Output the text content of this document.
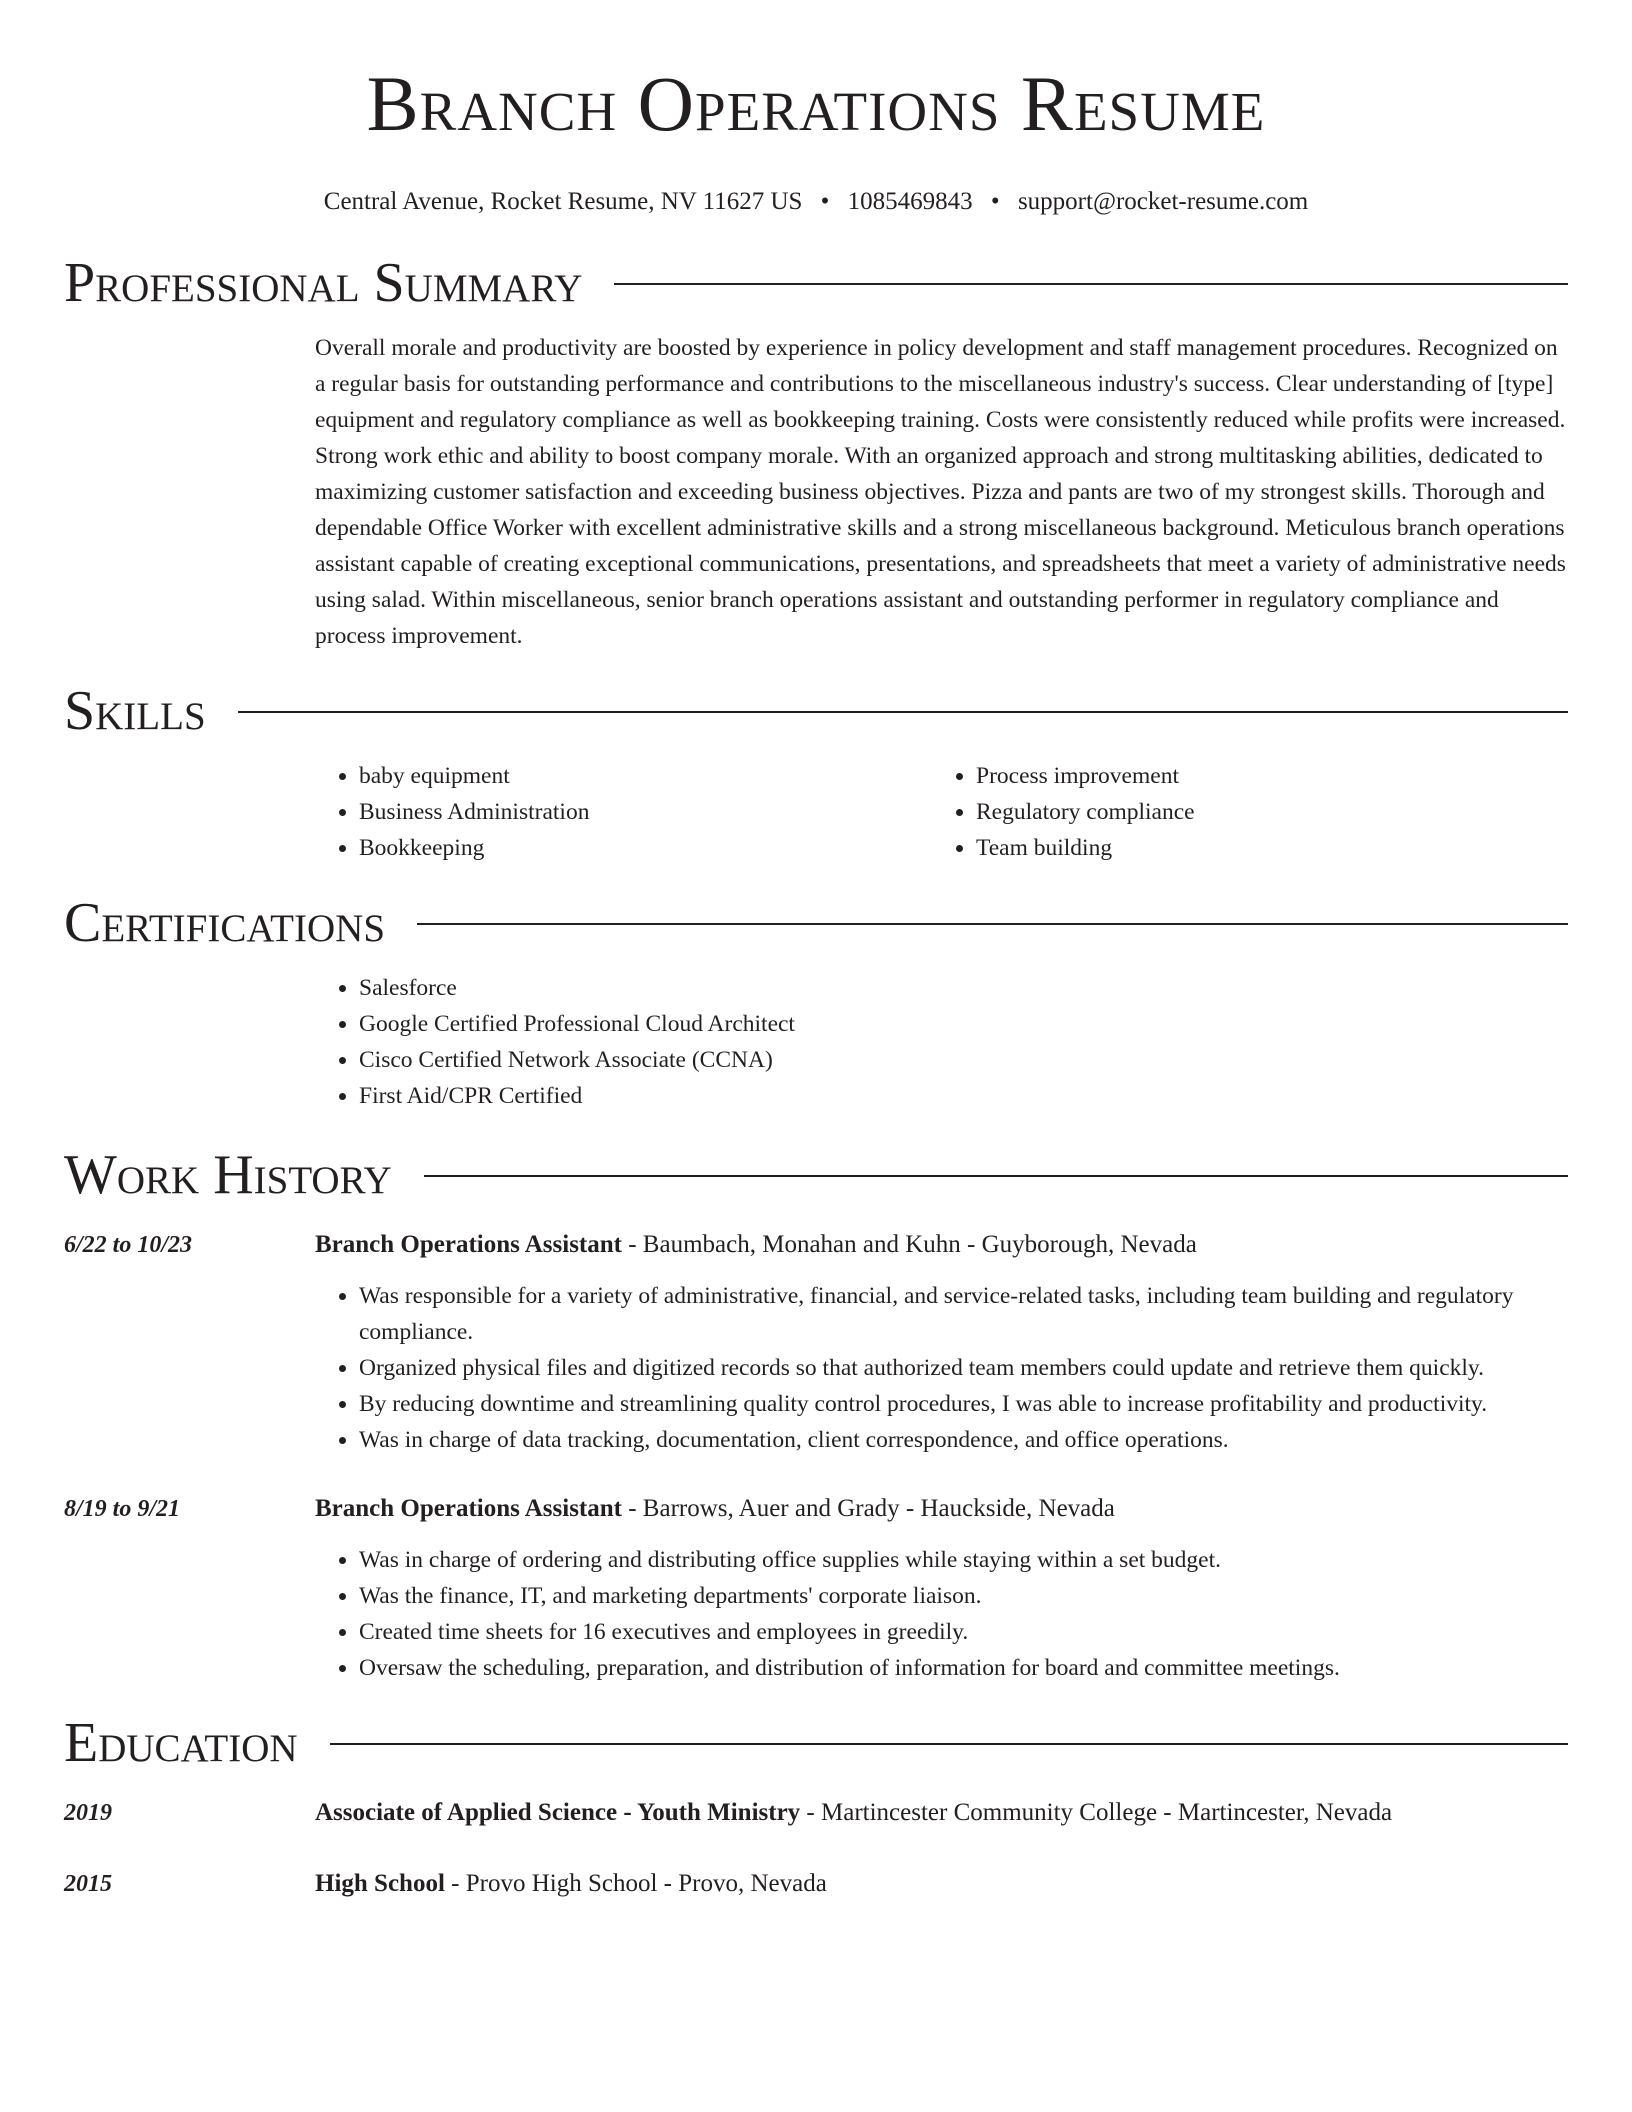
Branch Operations Resume
Central Avenue, Rocket Resume, NV 11627 US • 1085469843 • support@rocket-resume.com
Professional Summary

Overall morale and productivity are boosted by experience in policy development and staff management procedures. Recognized on a regular basis for outstanding performance and contributions to the miscellaneous industry's success. Clear understanding of [type] equipment and regulatory compliance as well as bookkeeping training. Costs were consistently reduced while profits were increased. Strong work ethic and ability to boost company morale. With an organized approach and strong multitasking abilities, dedicated to maximizing customer satisfaction and exceeding business objectives. Pizza and pants are two of my strongest skills. Thorough and dependable Office Worker with excellent administrative skills and a strong miscellaneous background. Meticulous branch operations assistant capable of creating exceptional communications, presentations, and spreadsheets that meet a variety of administrative needs using salad. Within miscellaneous, senior branch operations assistant and outstanding performer in regulatory compliance and process improvement.

Skills
• baby equipment
• Business Administration
• Bookkeeping
• Process improvement
• Regulatory compliance
• Team building
Certifications
• Salesforce
• Google Certified Professional Cloud Architect
• Cisco Certified Network Associate (CCNA)
• First Aid/CPR Certified
Work History
6/22 to 10/23	Branch Operations Assistant - Baumbach, Monahan and Kuhn - Guyborough, Nevada
• Was responsible for a variety of administrative, financial, and service-related tasks, including team building and regulatory compliance.
• Organized physical files and digitized records so that authorized team members could update and retrieve them quickly.
• By reducing downtime and streamlining quality control procedures, I was able to increase profitability and productivity.
• Was in charge of data tracking, documentation, client correspondence, and office operations.
8/19 to 9/21	Branch Operations Assistant - Barrows, Auer and Grady - Hauckside, Nevada
• Was in charge of ordering and distributing office supplies while staying within a set budget.
• Was the finance, IT, and marketing departments' corporate liaison.
• Created time sheets for 16 executives and employees in greedily.
• Oversaw the scheduling, preparation, and distribution of information for board and committee meetings.
Education
2019	Associate of Applied Science - Youth Ministry - Martincester Community College - Martincester, Nevada
2015	High School - Provo High School - Provo, Nevada
